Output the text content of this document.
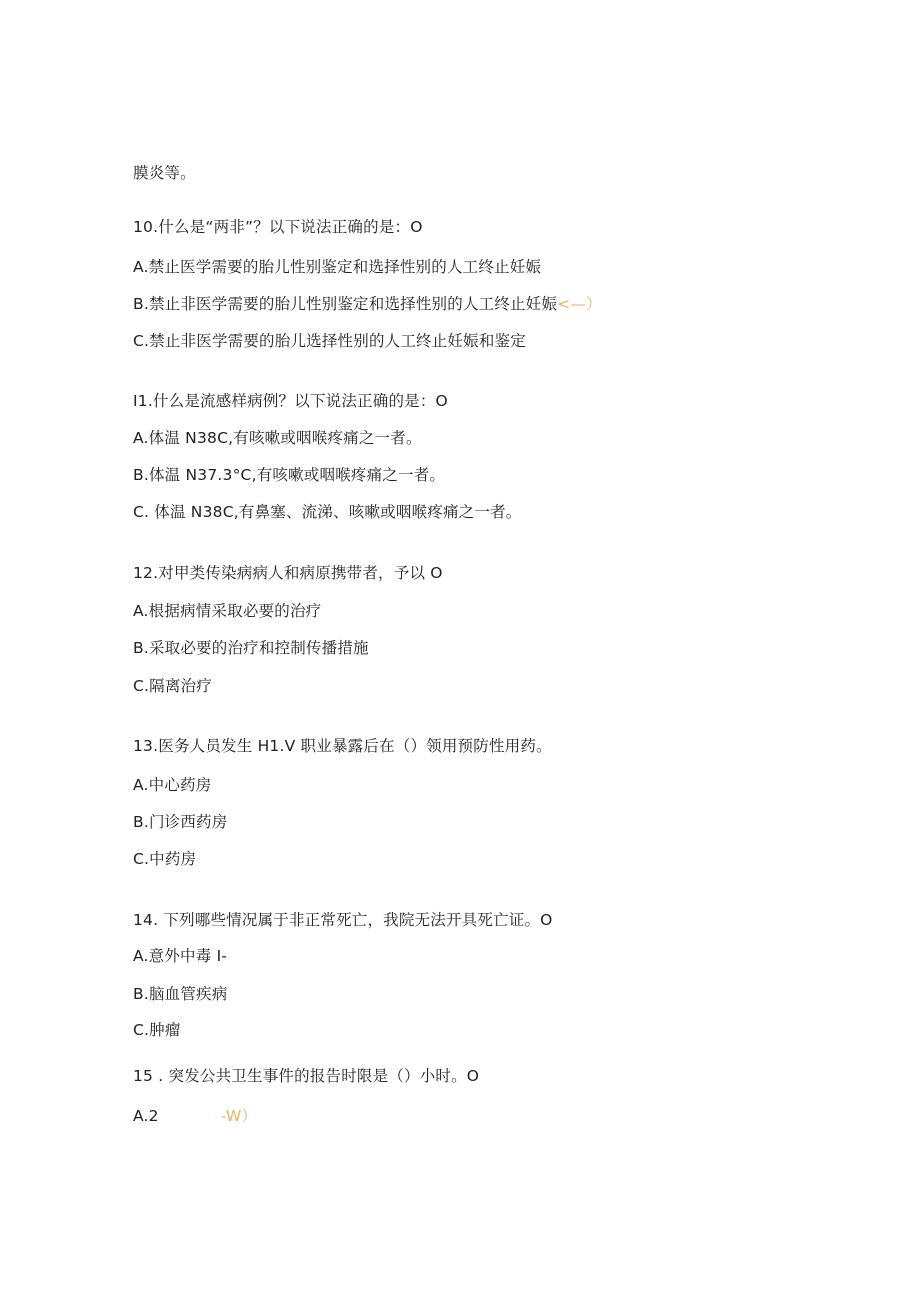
膜炎等。
10.什么是“两非”？以下说法正确的是：O
A.禁止医学需要的胎儿性别鉴定和选择性别的人工终止妊娠
B.禁止非医学需要的胎儿性别鉴定和选择性别的人工终止妊娠<—）
C.禁止非医学需要的胎儿选择性别的人工终止妊娠和鉴定
I1.什么是流感样病例？以下说法正确的是：O
A.体温 N38C,有咳嗽或咽喉疼痛之一者。
B.体温 N37.3°C,有咳嗽或咽喉疼痛之一者。
C. 体温 N38C,有鼻塞、流涕、咳嗽或咽喉疼痛之一者。
12.对甲类传染病病人和病原携带者，予以 O
A.根据病情采取必要的治疗
B.采取必要的治疗和控制传播措施
C.隔离治疗
13.医务人员发生 H1.V 职业暴露后在（）领用预防性用药。
A.中心药房
B.门诊西药房
C.中药房
14. 下列哪些情况属于非正常死亡，我院无法开具死亡证。O
A.意外中毒 I-
B.脑血管疾病
C.肿瘤
15 . 突发公共卫生事件的报告时限是（）小时。O
A.2	-W）
